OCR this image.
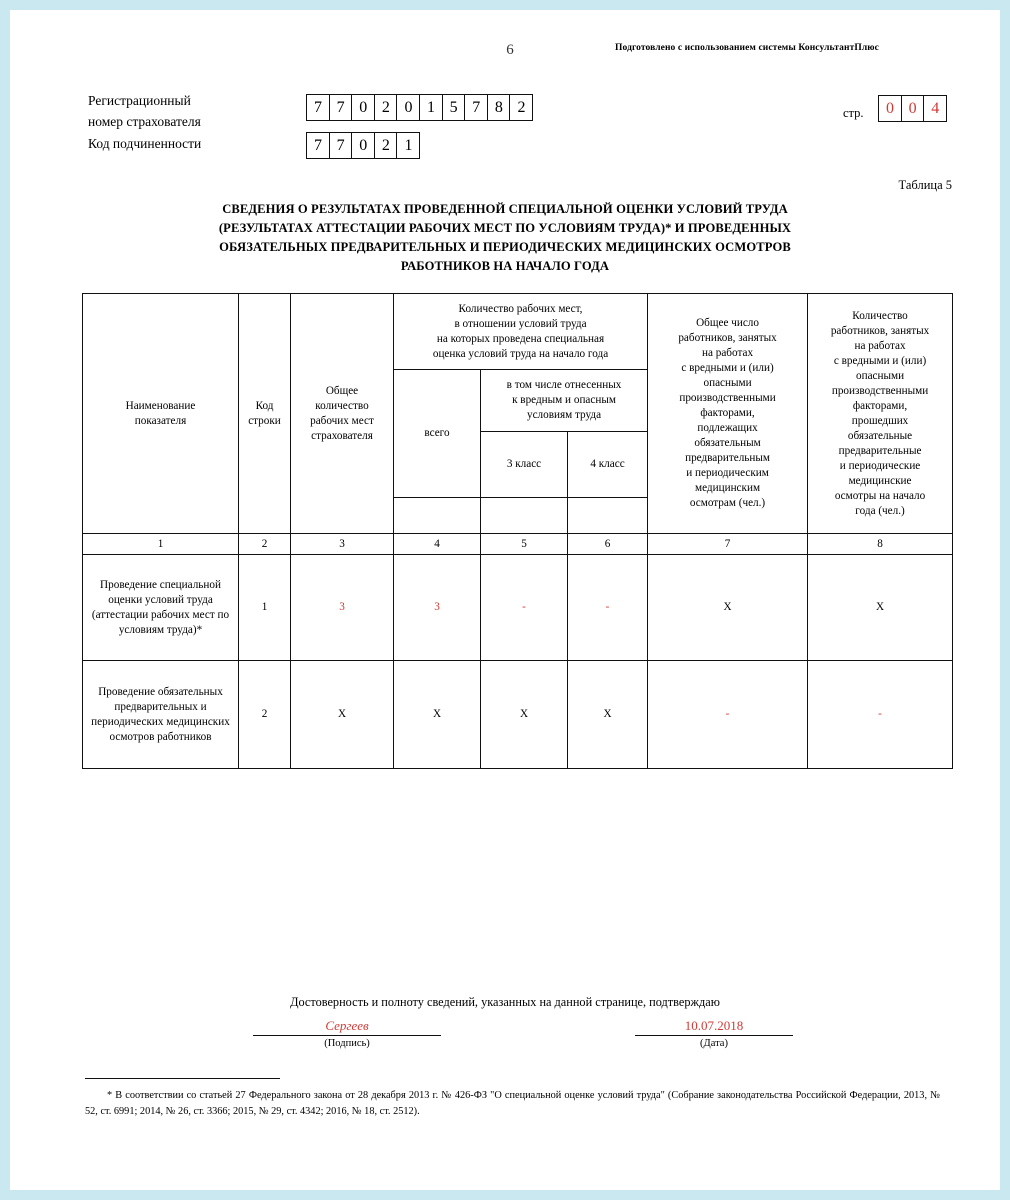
6	Подготовлено с использованием системы КонсультантПлюс
Регистрационный
номер страхователя
7 7 0 2 0 1 5 7 8 2
Код подчиненности	7 7 0 2 1
стр.	0 0 4
Таблица 5
СВЕДЕНИЯ О РЕЗУЛЬТАТАХ ПРОВЕДЕННОЙ СПЕЦИАЛЬНОЙ ОЦЕНКИ УСЛОВИЙ ТРУДА
(РЕЗУЛЬТАТАХ АТТЕСТАЦИИ РАБОЧИХ МЕСТ ПО УСЛОВИЯМ ТРУДА)* И ПРОВЕДЕННЫХ
ОБЯЗАТЕЛЬНЫХ ПРЕДВАРИТЕЛЬНЫХ И ПЕРИОДИЧЕСКИХ МЕДИЦИНСКИХ ОСМОТРОВ
РАБОТНИКОВ НА НАЧАЛО ГОДА
Наименование
показателя

Код
строки

Общее
количество
рабочих мест
страхователя

Количество рабочих мест,
в отношении условий труда
на которых проведена специальная
оценка условий труда на начало года

Общее число
работников, занятых
на работах
с вредными и (или)
опасными
производственными
факторами,
подлежащих
обязательным
предварительным
и периодическим
медицинским
осмотрам (чел.)

Количество
работников, занятых
на работах
с вредными и (или)
опасными
производственными
факторами,
прошедших
обязательные
предварительные
и периодические
медицинские
осмотры на начало
года (чел.)

			всего	в том числе отнесенных
к вредным и опасным
условиям труда			

				3 класс	4 класс		

1	2	3	4	5	6	7	8
Проведение специальной оценки условий труда (аттестации рабочих мест по условиям труда)*	1	3	3	-	-	X	X
Проведение обязательных предварительных и периодических медицинских осмотров работников	2	X	X	X	X	-	-
Достоверность и полноту сведений, указанных на данной странице, подтверждаю
Сергеев
(Подпись)
10.07.2018
(Дата)
* В соответствии со статьей 27 Федерального закона от 28 декабря 2013 г. № 426-ФЗ "О специальной оценке условий труда" (Собрание законодательства Российской Федерации, 2013, № 52, ст. 6991; 2014, № 26, ст. 3366; 2015, № 29, ст. 4342; 2016, № 18, ст. 2512).
